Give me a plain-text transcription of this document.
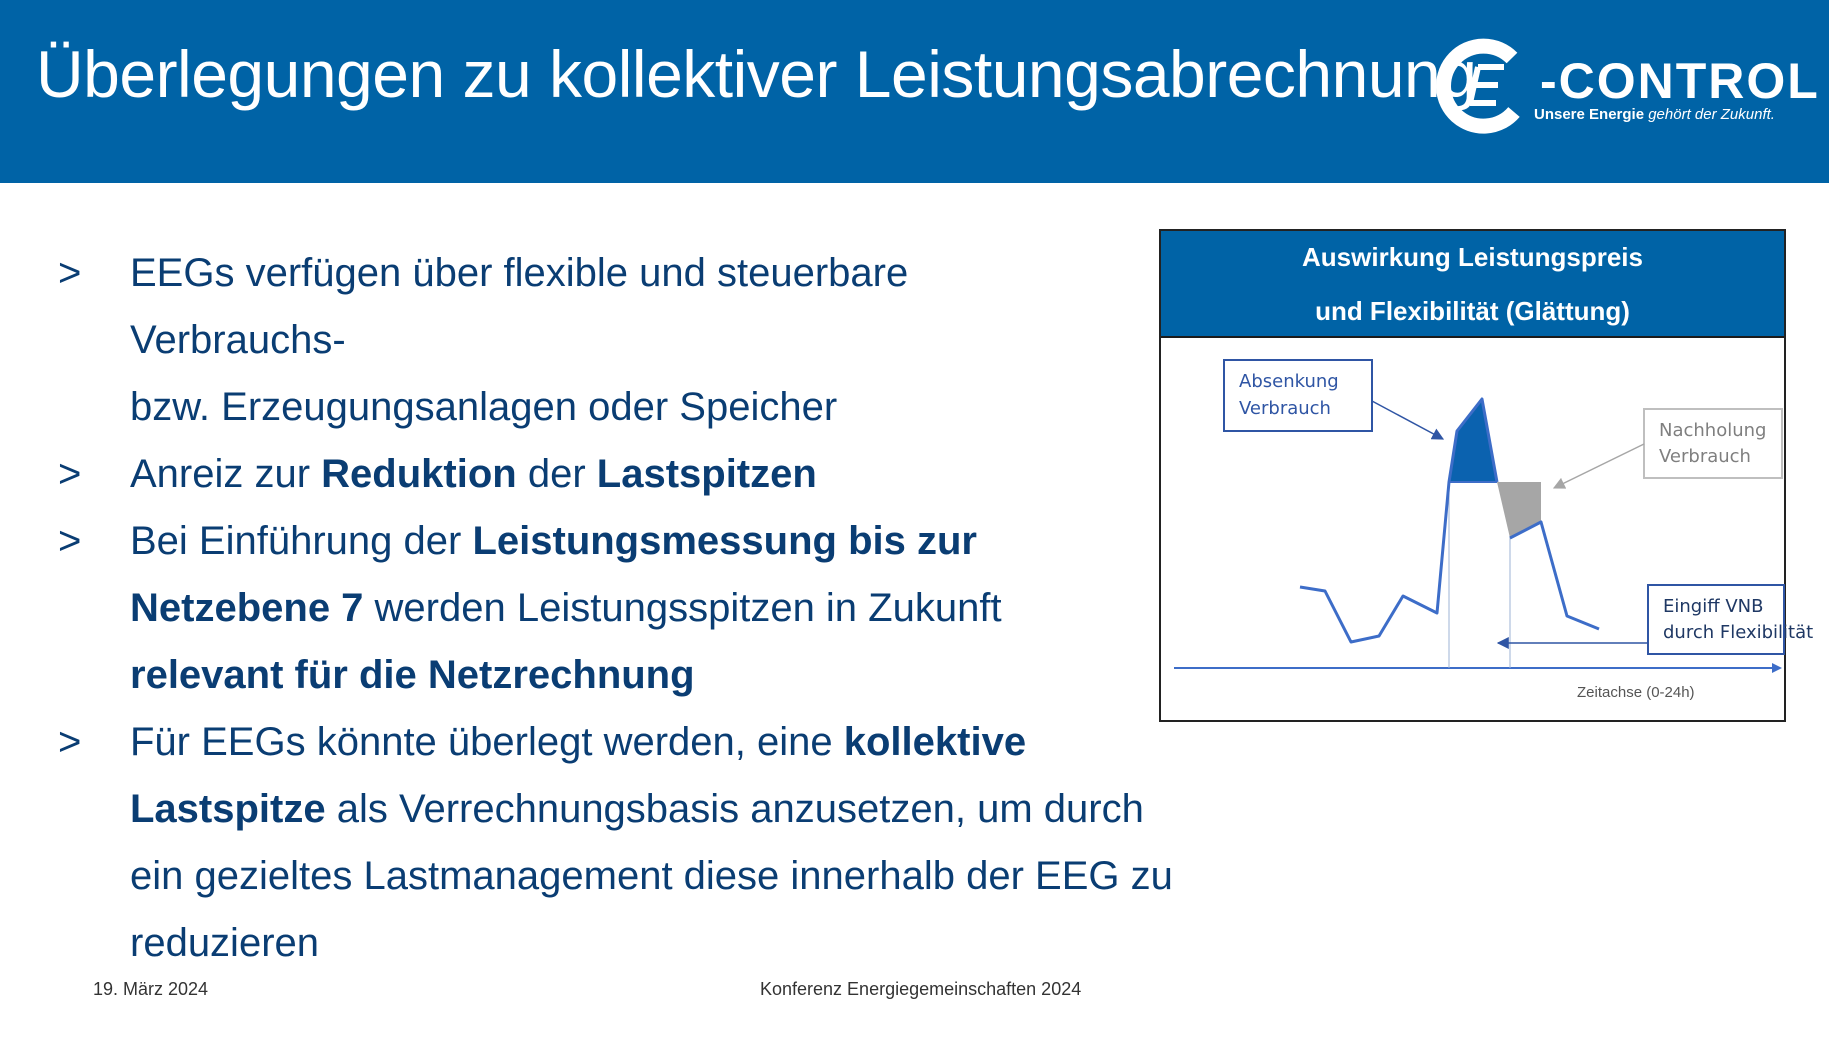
Überlegungen zu kollektiver Leistungsabrechnung -CONTROL
Unsere Energie gehört der Zukunft.
> EEGs verfügen über flexible und steuerbare Verbrauchs-
bzw. Erzeugungsanlagen oder Speicher
> Anreiz zur Reduktion der Lastspitzen
> Bei Einführung der Leistungsmessung bis zur Netzebene 7 werden Leistungsspitzen in Zukunft relevant für die Netzrechnung
> Für EEGs könnte überlegt werden, eine kollektive Lastspitze als Verrechnungsbasis anzusetzen, um durch ein gezieltes Lastmanagement diese innerhalb der EEG zu reduzieren
Auswirkung Leistungspreis
und Flexibilität (Glättung)
Zeitachse (0-24h)
Absenkung
Verbrauch
Nachholung
Verbrauch
Eingiff VNB
durch Flexibilität
19. März 2024	Konferenz Energiegemeinschaften 2024
